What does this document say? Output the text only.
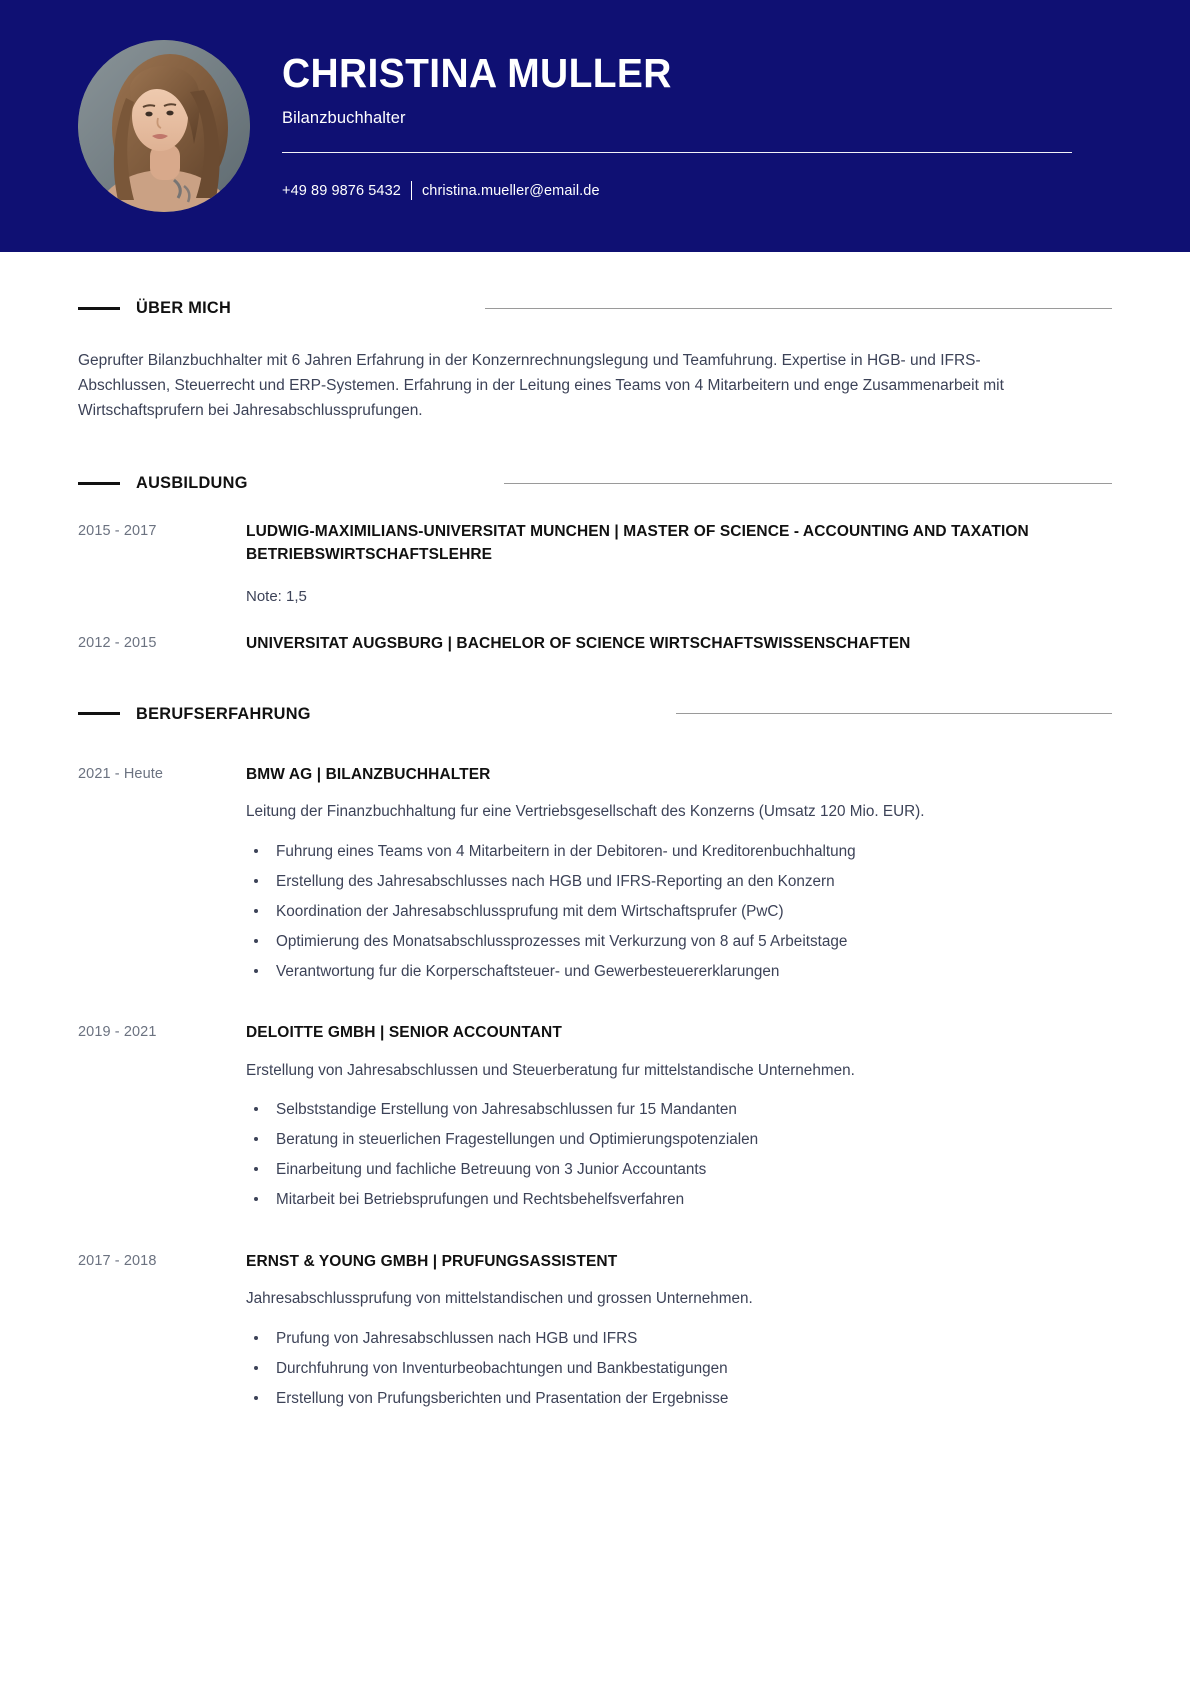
CHRISTINA MULLER
Bilanzbuchhalter
+49 89 9876 5432 christina.mueller@email.de
ÜBER MICH

Geprufter Bilanzbuchhalter mit 6 Jahren Erfahrung in der Konzernrechnungslegung und Teamfuhrung. Expertise in HGB- und IFRS-Abschlussen, Steuerrecht und ERP-Systemen. Erfahrung in der Leitung eines Teams von 4 Mitarbeitern und enge Zusammenarbeit mit Wirtschaftsprufern bei Jahresabschlussprufungen.

AUSBILDUNG
2015 - 2017	LUDWIG-MAXIMILIANS-UNIVERSITAT MUNCHEN | MASTER OF SCIENCE - ACCOUNTING AND TAXATION BETRIEBSWIRTSCHAFTSLEHRE
Note: 1,5
2012 - 2015	UNIVERSITAT AUGSBURG | BACHELOR OF SCIENCE WIRTSCHAFTSWISSENSCHAFTEN
BERUFSERFAHRUNG
2021 - Heute	BMW AG | BILANZBUCHHALTER
Leitung der Finanzbuchhaltung fur eine Vertriebsgesellschaft des Konzerns (Umsatz 120 Mio. EUR).
Fuhrung eines Teams von 4 Mitarbeitern in der Debitoren- und Kreditorenbuchhaltung
Erstellung des Jahresabschlusses nach HGB und IFRS-Reporting an den Konzern
Koordination der Jahresabschlussprufung mit dem Wirtschaftsprufer (PwC)
Optimierung des Monatsabschlussprozesses mit Verkurzung von 8 auf 5 Arbeitstage
Verantwortung fur die Korperschaftsteuer- und Gewerbesteuererklarungen
2019 - 2021	DELOITTE GMBH | SENIOR ACCOUNTANT
Erstellung von Jahresabschlussen und Steuerberatung fur mittelstandische Unternehmen.
Selbststandige Erstellung von Jahresabschlussen fur 15 Mandanten
Beratung in steuerlichen Fragestellungen und Optimierungspotenzialen
Einarbeitung und fachliche Betreuung von 3 Junior Accountants
Mitarbeit bei Betriebsprufungen und Rechtsbehelfsverfahren
2017 - 2018	ERNST & YOUNG GMBH | PRUFUNGSASSISTENT
Jahresabschlussprufung von mittelstandischen und grossen Unternehmen.
Prufung von Jahresabschlussen nach HGB und IFRS
Durchfuhrung von Inventurbeobachtungen und Bankbestatigungen
Erstellung von Prufungsberichten und Prasentation der Ergebnisse
